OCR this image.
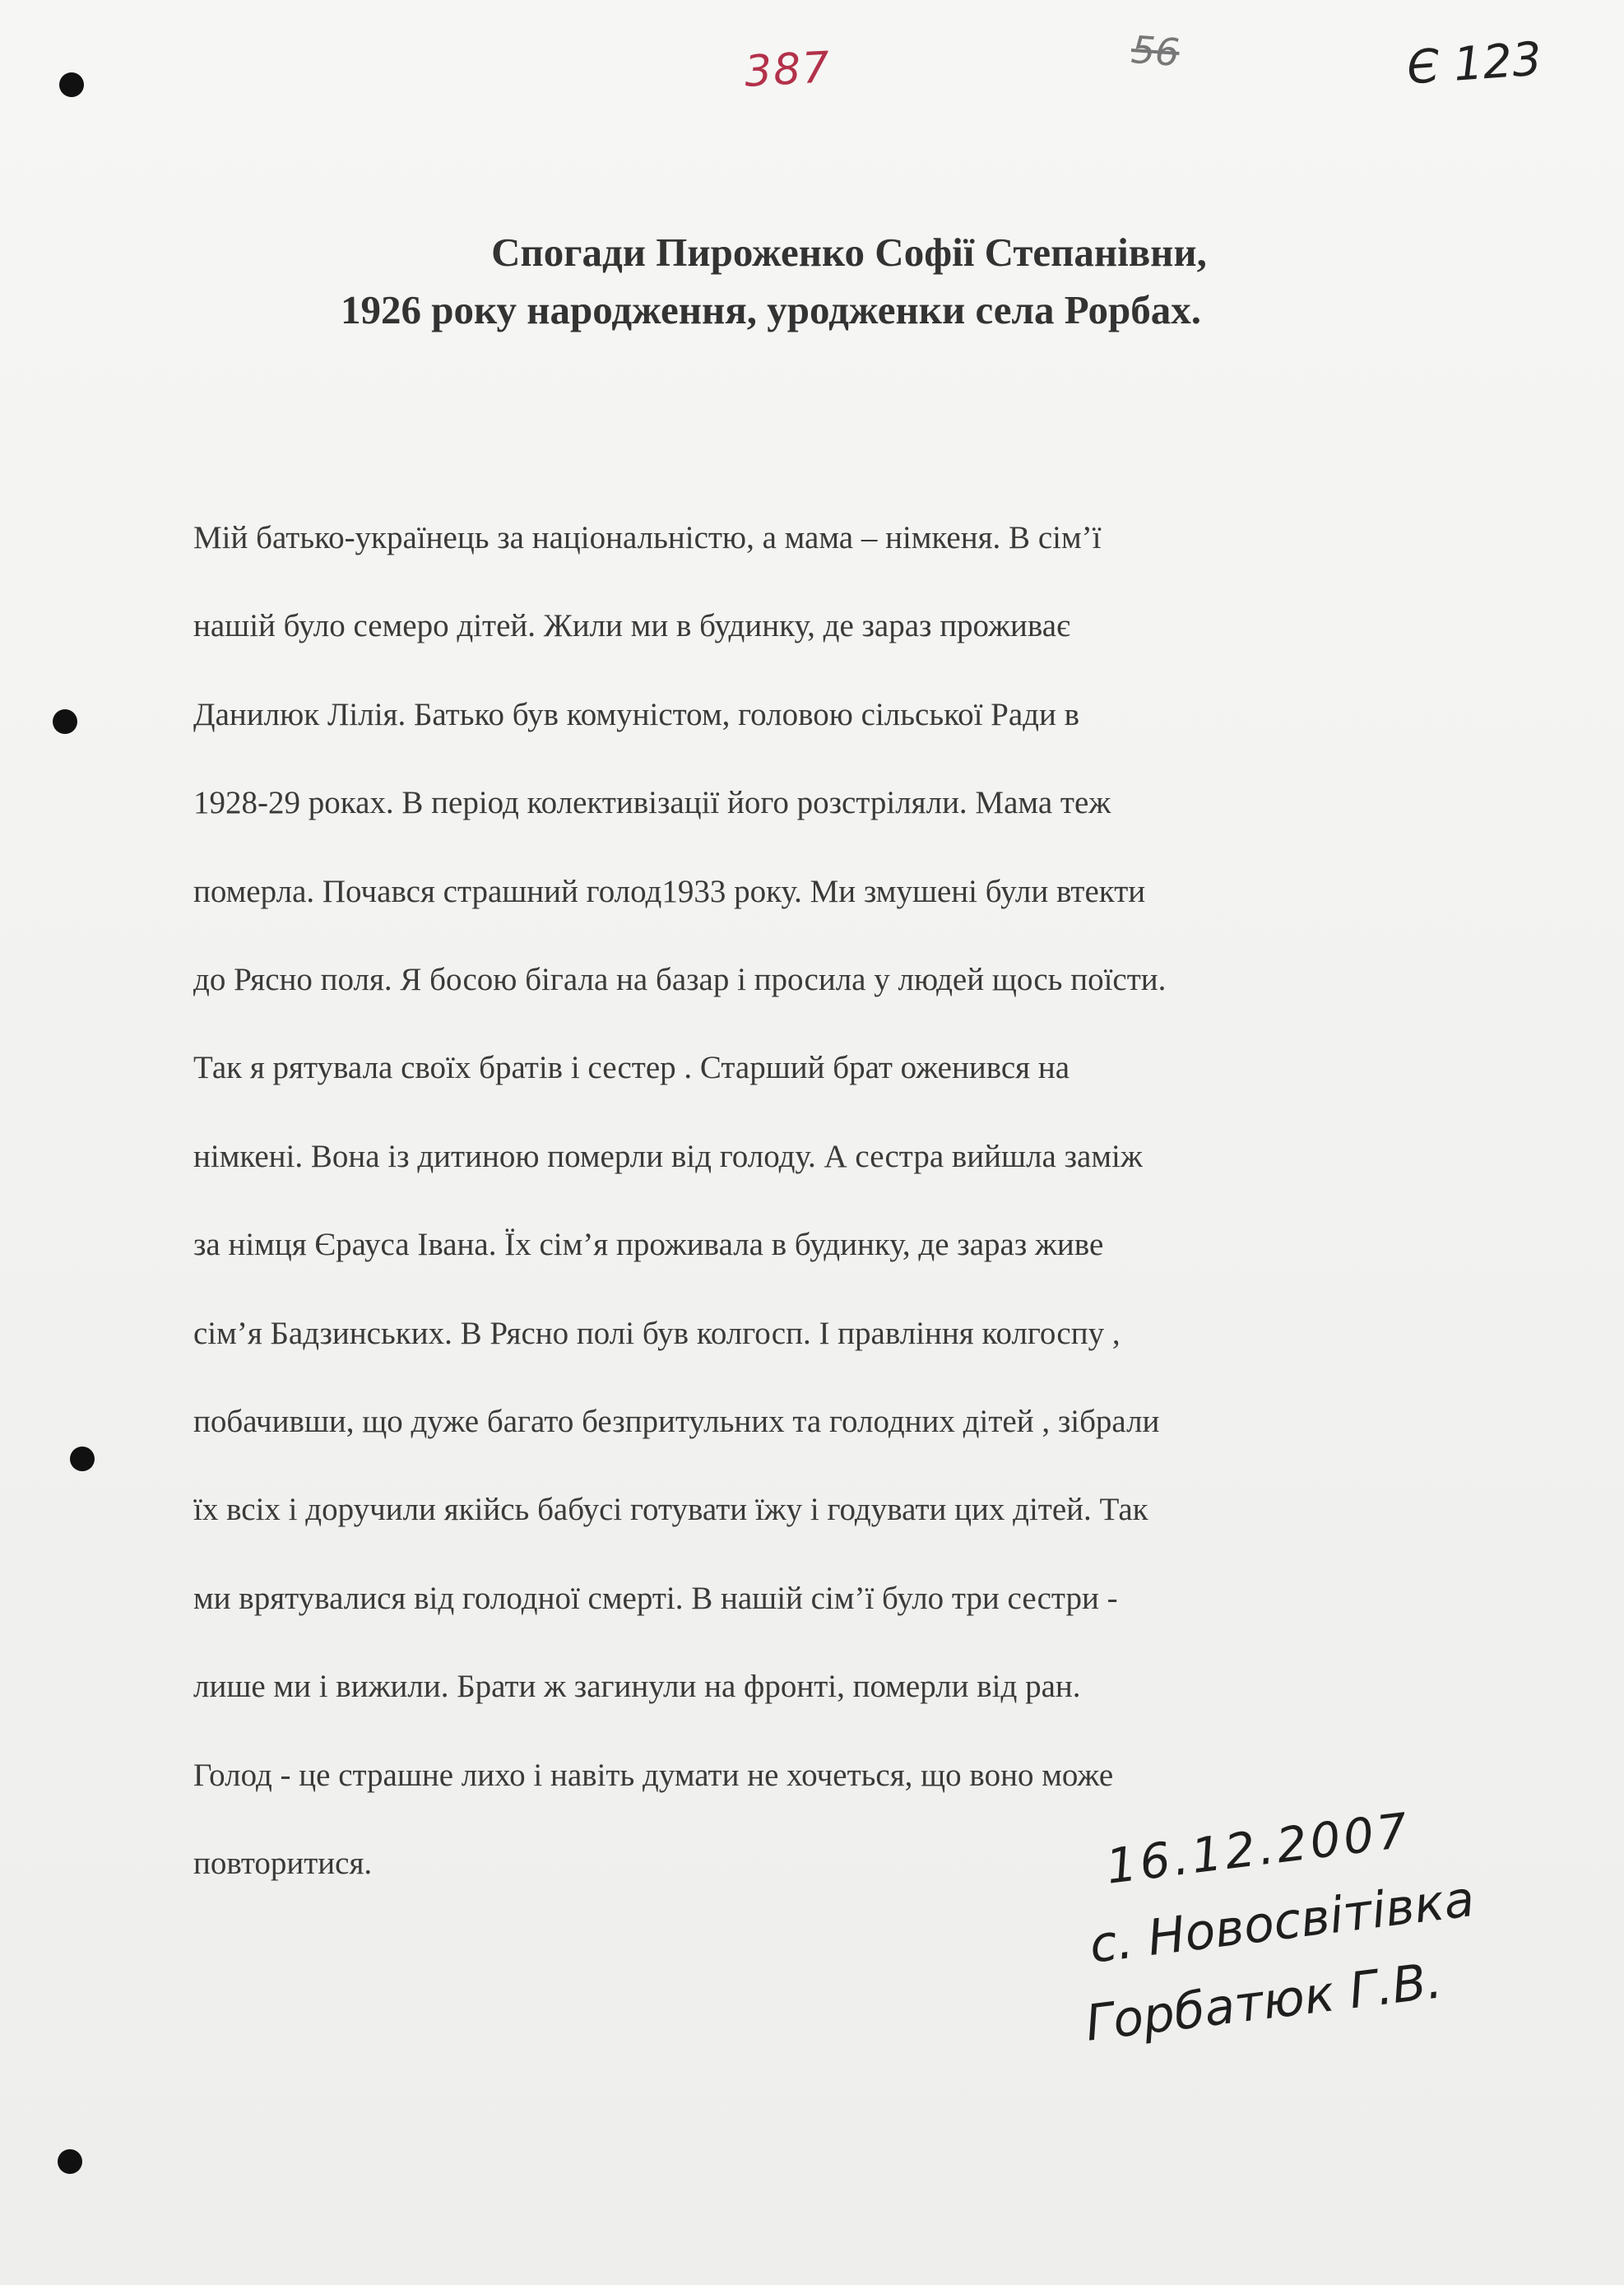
387	56	Є 123
Спогади Пироженко Софії Степанівни,
1926 року народження, уродженки села Рорбах.

Мій батько-українець за національністю, а мама – німкеня. В сім’ї
нашій було семеро дітей. Жили ми в будинку, де зараз проживає
Данилюк Лілія. Батько був комуністом, головою сільської Ради в
1928-29 роках. В період колективізації його розстріляли. Мама теж
померла. Почався страшний голод1933 року. Ми змушені були втекти
до Рясно поля. Я босою бігала на базар і просила у людей щось поїсти.
Так я рятувала своїх братів і сестер . Старший брат оженився на
німкені. Вона із дитиною померли від голоду. А сестра вийшла заміж
за німця Єрауса Івана. Їх сім’я проживала в будинку, де зараз живе
сім’я Бадзинських. В Рясно полі був колгосп. І правління колгоспу ,
побачивши, що дуже багато безпритульних та голодних дітей , зібрали
їх всіх і доручили якійсь бабусі готувати їжу і годувати цих дітей. Так
ми врятувалися від голодної смерті. В нашій сім’ї було три сестри -
лише ми і вижили. Брати ж загинули на фронті, померли від ран.
Голод - це страшне лихо і навіть думати не хочеться, що воно може
повторитися.	16.12.2007
с. Новосвітівка
Горбатюк Г.В.
